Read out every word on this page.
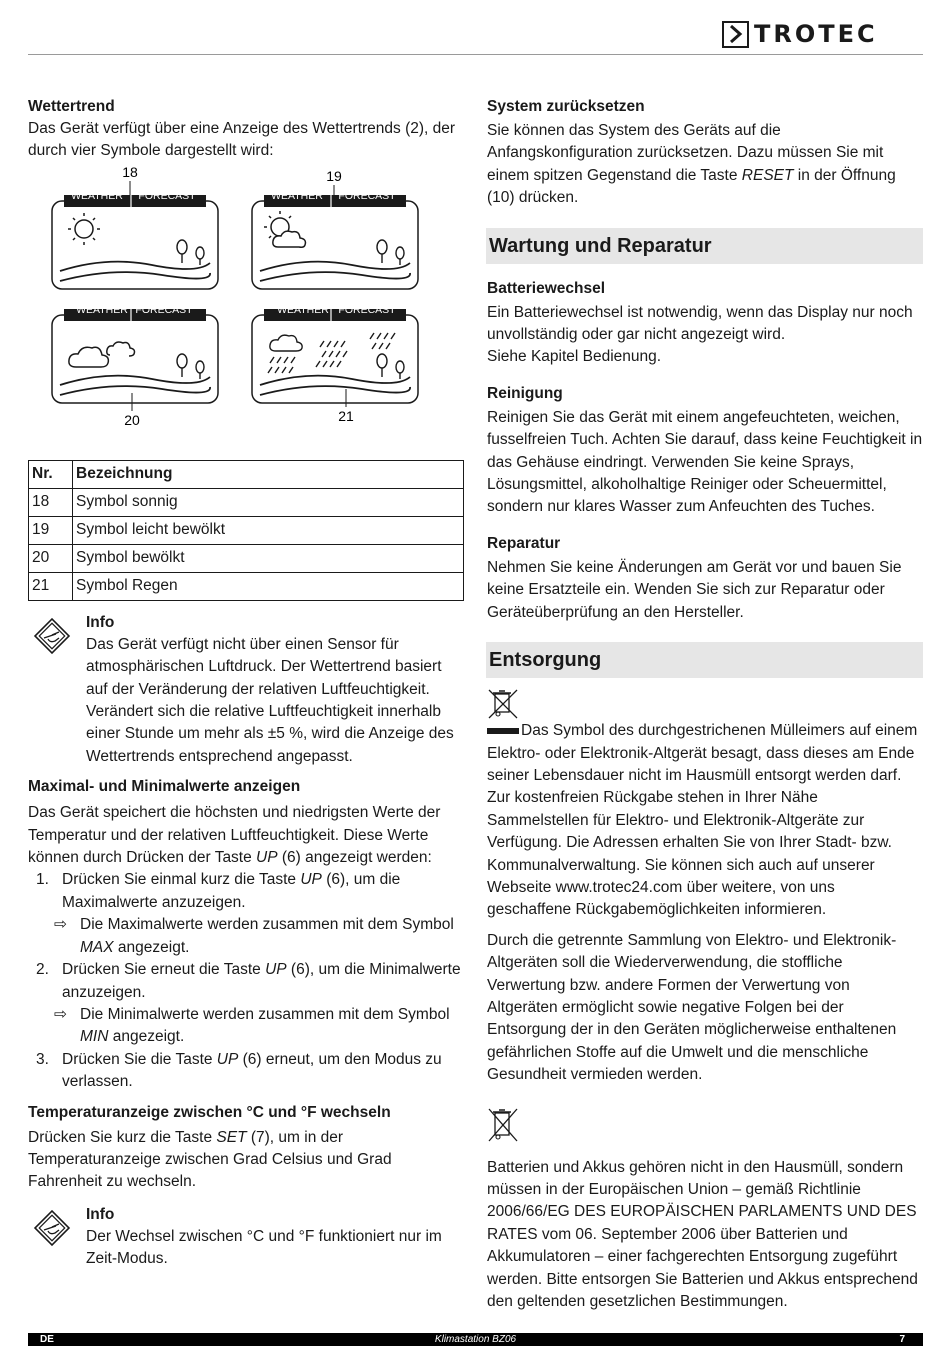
TROTEC
Wettertrend

Das Gerät verfügt über eine Anzeige des Wettertrends (2), der durch vier Symbole dargestellt wird:

18	19
WEATHER FORECAST	WEATHER FORECAST
WEATHER FORECAST	WEATHER FORECAST
20	21
Nr.	Bezeichnung
18	Symbol sonnig
19	Symbol leicht bewölkt
20	Symbol bewölkt
21	Symbol Regen
Info

Das Gerät verfügt nicht über einen Sensor für atmosphärischen Luftdruck. Der Wettertrend basiert auf der Veränderung der relativen Luftfeuchtigkeit. Verändert sich die relative Luftfeuchtigkeit innerhalb einer Stunde um mehr als ±5 %, wird die Anzeige des Wettertrends entsprechend angepasst.

Maximal- und Minimalwerte anzeigen

Das Gerät speichert die höchsten und niedrigsten Werte der Temperatur und der relativen Luftfeuchtigkeit. Diese Werte können durch Drücken der Taste UP (6) angezeigt werden:

1. Drücken Sie einmal kurz die Taste UP (6), um die Maximalwerte anzuzeigen.
⇨ Die Maximalwerte werden zusammen mit dem Symbol MAX angezeigt.
2. Drücken Sie erneut die Taste UP (6), um die Minimalwerte anzuzeigen.
⇨ Die Minimalwerte werden zusammen mit dem Symbol MIN angezeigt.
3. Drücken Sie die Taste UP (6) erneut, um den Modus zu verlassen.
Temperaturanzeige zwischen °C und °F wechseln

Drücken Sie kurz die Taste SET (7), um in der Temperaturanzeige zwischen Grad Celsius und Grad Fahrenheit zu wechseln.

Info

Der Wechsel zwischen °C und °F funktioniert nur im Zeit-Modus.

System zurücksetzen

Sie können das System des Geräts auf die Anfangskonfiguration zurücksetzen. Dazu müssen Sie mit einem spitzen Gegenstand die Taste RESET in der Öffnung (10) drücken.

Wartung und Reparatur
Batteriewechsel

Ein Batteriewechsel ist notwendig, wenn das Display nur noch unvollständig oder gar nicht angezeigt wird.

Siehe Kapitel Bedienung.

Reinigung

Reinigen Sie das Gerät mit einem angefeuchteten, weichen, fusselfreien Tuch. Achten Sie darauf, dass keine Feuchtigkeit in das Gehäuse eindringt. Verwenden Sie keine Sprays, Lösungsmittel, alkoholhaltige Reiniger oder Scheuermittel, sondern nur klares Wasser zum Anfeuchten des Tuches.

Reparatur

Nehmen Sie keine Änderungen am Gerät vor und bauen Sie keine Ersatzteile ein. Wenden Sie sich zur Reparatur oder Geräteüberprüfung an den Hersteller.

Entsorgung

Das Symbol des durchgestrichenen Mülleimers auf einem Elektro- oder Elektronik-Altgerät besagt, dass dieses am Ende seiner Lebensdauer nicht im Hausmüll entsorgt werden darf. Zur kostenfreien Rückgabe stehen in Ihrer Nähe Sammelstellen für Elektro- und Elektronik-Altgeräte zur Verfügung. Die Adressen erhalten Sie von Ihrer Stadt- bzw. Kommunalverwaltung. Sie können sich auch auf unserer Webseite www.trotec24.com über weitere, von uns geschaffene Rückgabemöglichkeiten informieren.

Durch die getrennte Sammlung von Elektro- und Elektronik-Altgeräten soll die Wiederverwendung, die stoffliche Verwertung bzw. andere Formen der Verwertung von Altgeräten ermöglicht sowie negative Folgen bei der Entsorgung der in den Geräten möglicherweise enthaltenen gefährlichen Stoffe auf die Umwelt und die menschliche Gesundheit vermieden werden.

Batterien und Akkus gehören nicht in den Hausmüll, sondern müssen in der Europäischen Union – gemäß Richtlinie 2006/66/EG DES EUROPÄISCHEN PARLAMENTS UND DES RATES vom 06. September 2006 über Batterien und Akkumulatoren – einer fachgerechten Entsorgung zugeführt werden. Bitte entsorgen Sie Batterien und Akkus entsprechend den geltenden gesetzlichen Bestimmungen.

DE	Klimastation BZ06	7
